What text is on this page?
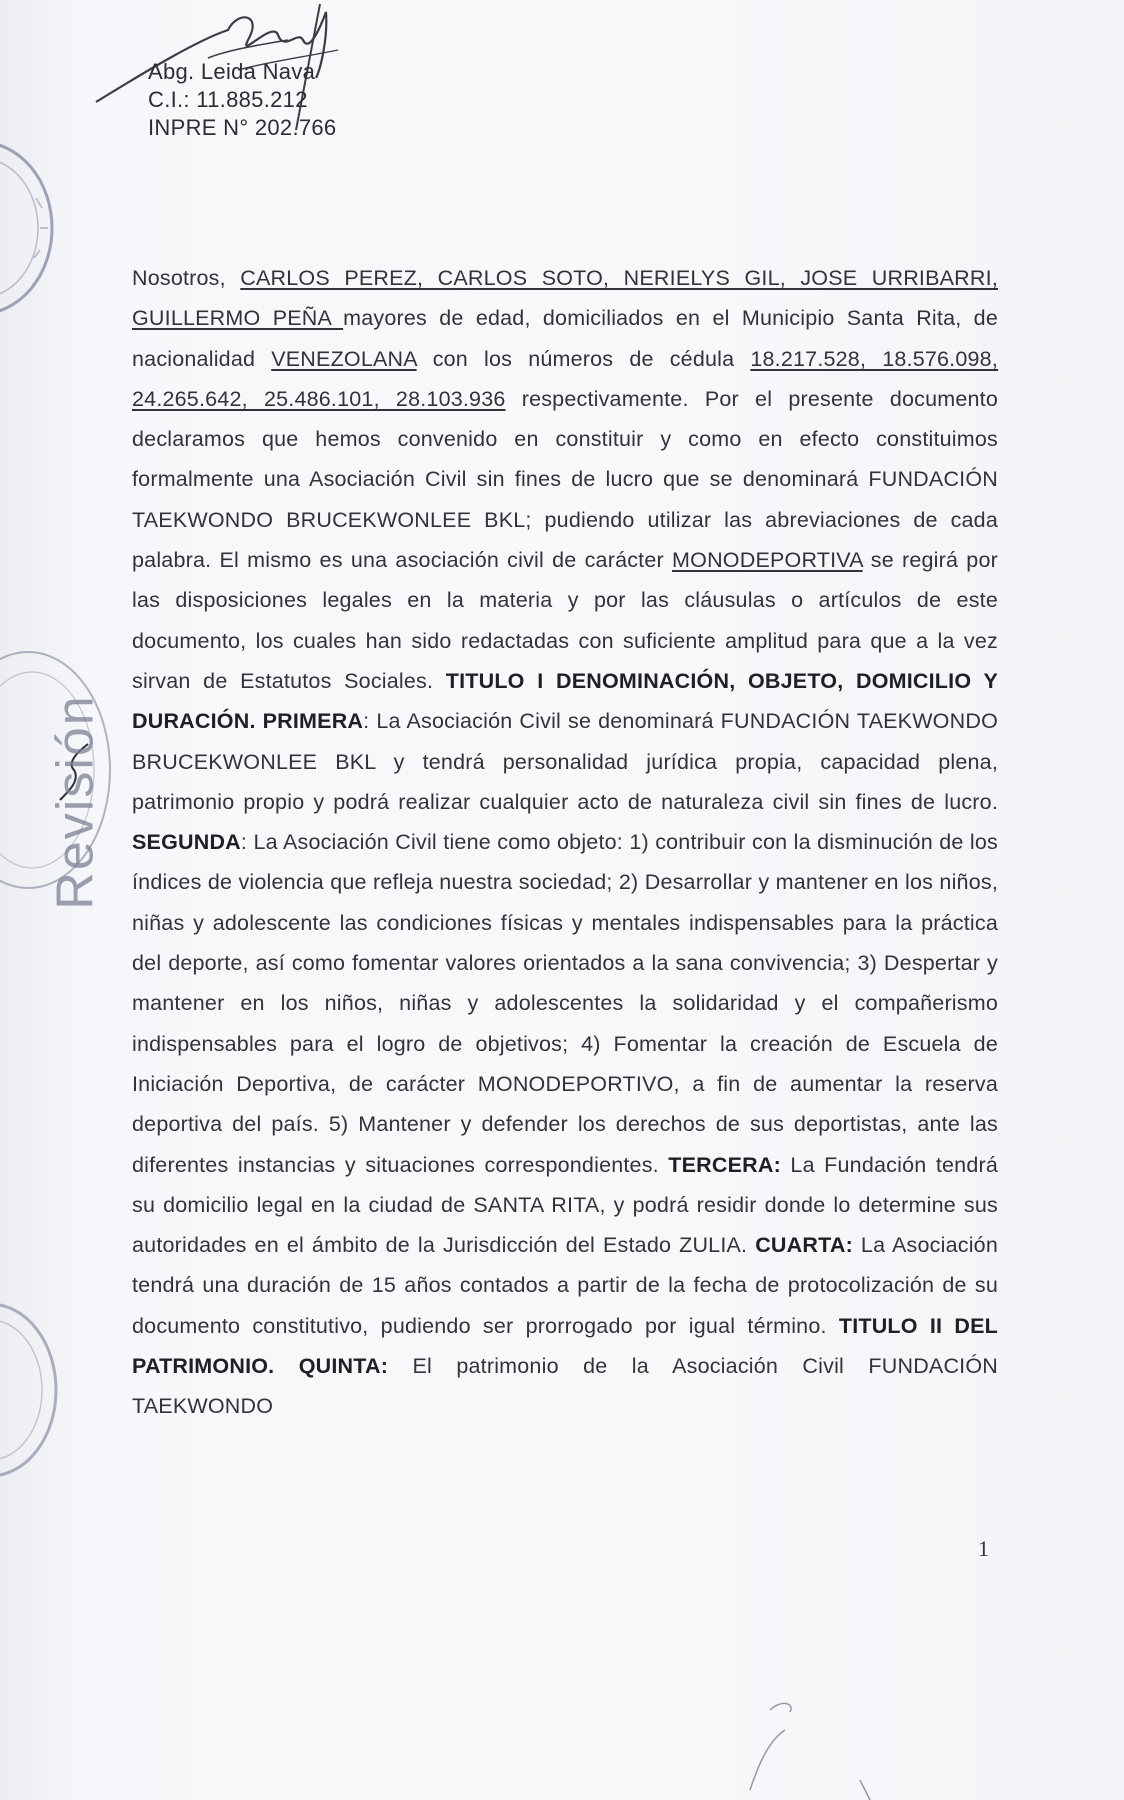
Abg. Leida Nava
C.I.: 11.885.212
INPRE N° 202.766
Revisión

Nosotros, CARLOS PEREZ, CARLOS SOTO, NERIELYS GIL, JOSE URRIBARRI, GUILLERMO PEÑA mayores de edad, domiciliados en el Municipio Santa Rita, de nacionalidad VENEZOLANA con los números de cédula 18.217.528, 18.576.098, 24.265.642, 25.486.101, 28.103.936 respectivamente. Por el presente documento declaramos que hemos convenido en constituir y como en efecto constituimos formalmente una Asociación Civil sin fines de lucro que se denominará FUNDACIÓN TAEKWONDO BRUCEKWONLEE BKL; pudiendo utilizar las abreviaciones de cada palabra. El mismo es una asociación civil de carácter MONODEPORTIVA se regirá por las disposiciones legales en la materia y por las cláusulas o artículos de este documento, los cuales han sido redactadas con suficiente amplitud para que a la vez sirvan de Estatutos Sociales. TITULO I DENOMINACIÓN, OBJETO, DOMICILIO Y DURACIÓN. PRIMERA: La Asociación Civil se denominará FUNDACIÓN TAEKWONDO BRUCEKWONLEE BKL y tendrá personalidad jurídica propia, capacidad plena, patrimonio propio y podrá realizar cualquier acto de naturaleza civil sin fines de lucro. SEGUNDA: La Asociación Civil tiene como objeto: 1) contribuir con la disminución de los índices de violencia que refleja nuestra sociedad; 2) Desarrollar y mantener en los niños, niñas y adolescente las condiciones físicas y mentales indispensables para la práctica del deporte, así como fomentar valores orientados a la sana convivencia; 3) Despertar y mantener en los niños, niñas y adolescentes la solidaridad y el compañerismo indispensables para el logro de objetivos; 4) Fomentar la creación de Escuela de Iniciación Deportiva, de carácter MONODEPORTIVO, a fin de aumentar la reserva deportiva del país. 5) Mantener y defender los derechos de sus deportistas, ante las diferentes instancias y situaciones correspondientes. TERCERA: La Fundación tendrá su domicilio legal en la ciudad de SANTA RITA, y podrá residir donde lo determine sus autoridades en el ámbito de la Jurisdicción del Estado ZULIA. CUARTA: La Asociación tendrá una duración de 15 años contados a partir de la fecha de protocolización de su documento constitutivo, pudiendo ser prorrogado por igual término. TITULO II DEL PATRIMONIO. QUINTA: El patrimonio de la Asociación Civil FUNDACIÓN TAEKWONDO

1
